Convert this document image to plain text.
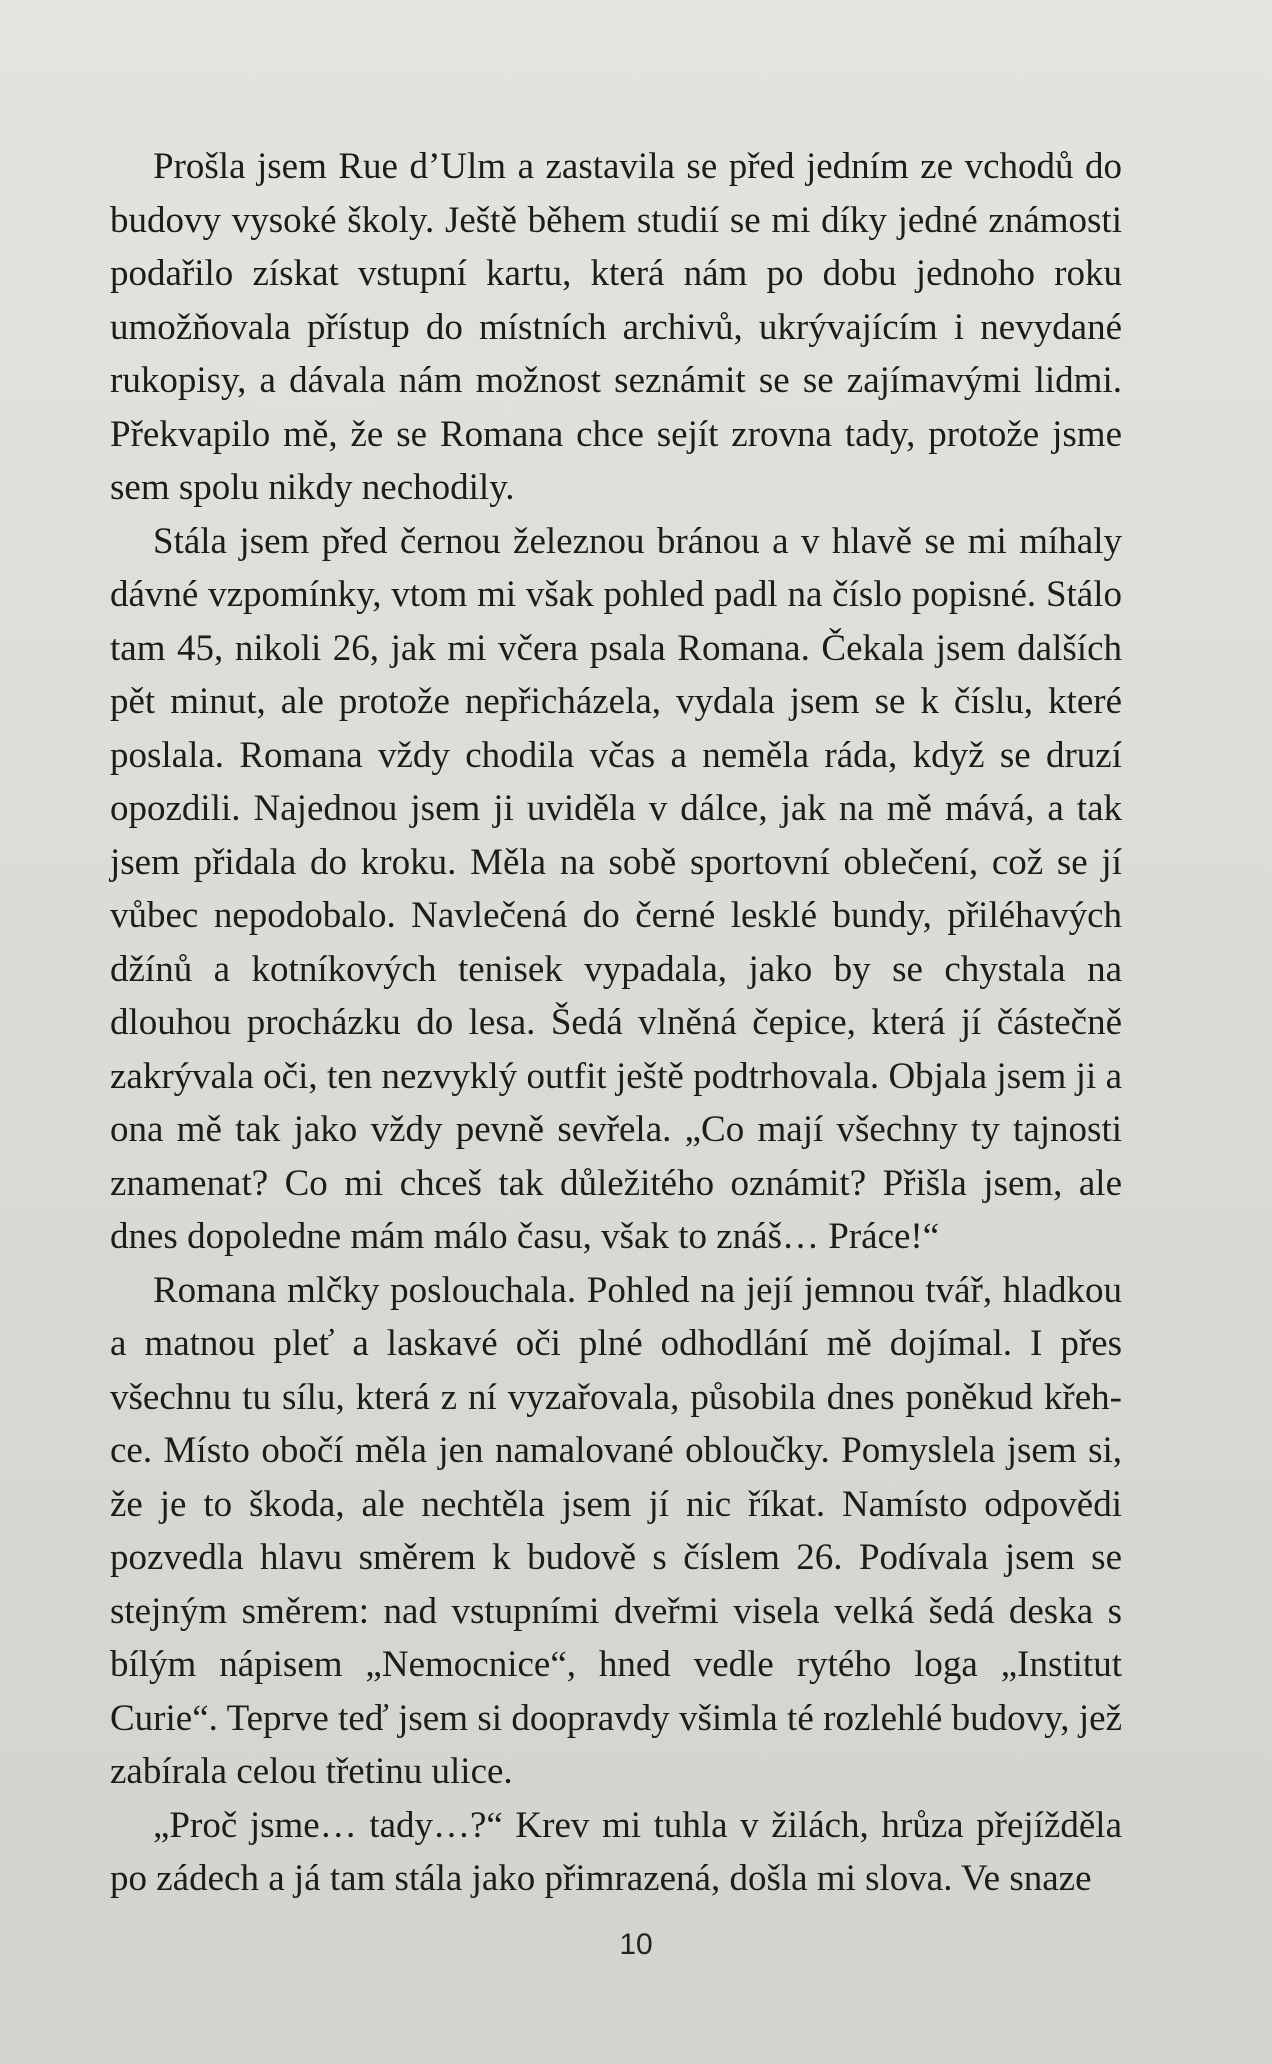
Prošla jsem Rue d’Ulm a zastavila se před jedním ze vchodů do budovy vysoké školy. Ještě během studií se mi díky jedné známosti podařilo získat vstupní kartu, která nám po dobu jednoho roku umožňovala přístup do místních archivů, ukrývajícím i nevydané rukopisy, a dávala nám možnost seznámit se se zajímavými lidmi. Překvapilo mě, že se Romana chce sejít zrovna tady, protože jsme sem spolu nikdy nechodily.

Stála jsem před černou železnou bránou a v hlavě se mi míhaly dávné vzpomínky, vtom mi však pohled padl na číslo popisné. Stálo tam 45, nikoli 26, jak mi včera psala Romana. Čekala jsem dalších pět minut, ale protože nepřicházela, vydala jsem se k číslu, které poslala. Romana vždy chodila včas a neměla ráda, když se druzí opozdili. Najednou jsem ji uviděla v dálce, jak na mě mává, a tak jsem přidala do kroku. Měla na sobě sportovní oblečení, což se jí vůbec nepodobalo. Navlečená do černé lesklé bundy, přiléhavých džínů a kotníkových tenisek vypadala, jako by se chystala na dlouhou procházku do lesa. Šedá vlněná čepice, která jí částečně zakrývala oči, ten nezvyklý outfit ještě podtrhovala. Objala jsem ji a ona mě tak jako vždy pevně sevřela. „Co mají všechny ty tajnosti znamenat? Co mi chceš tak důležitého oznámit? Přišla jsem, ale dnes dopoledne mám málo času, však to znáš… Práce!“

Romana mlčky poslouchala. Pohled na její jemnou tvář, hladkou a matnou pleť a laskavé oči plné odhodlání mě dojímal. I přes všechnu tu sílu, která z ní vyzařovala, působila dnes poněkud křehce. Místo obočí měla jen namalované obloučky. Pomyslela jsem si, že je to škoda, ale nechtěla jsem jí nic říkat. Namísto odpovědi pozvedla hlavu směrem k budově s číslem 26. Podívala jsem se stejným směrem: nad vstupními dveřmi visela velká šedá deska s bílým nápisem „Nemocnice“, hned vedle rytého loga „Institut Curie“. Teprve teď jsem si doopravdy všimla té rozlehlé budovy, jež zabírala celou třetinu ulice.

„Proč jsme… tady…?“ Krev mi tuhla v žilách, hrůza přejížděla po zádech a já tam stála jako přimrazená, došla mi slova. Ve snaze

10
